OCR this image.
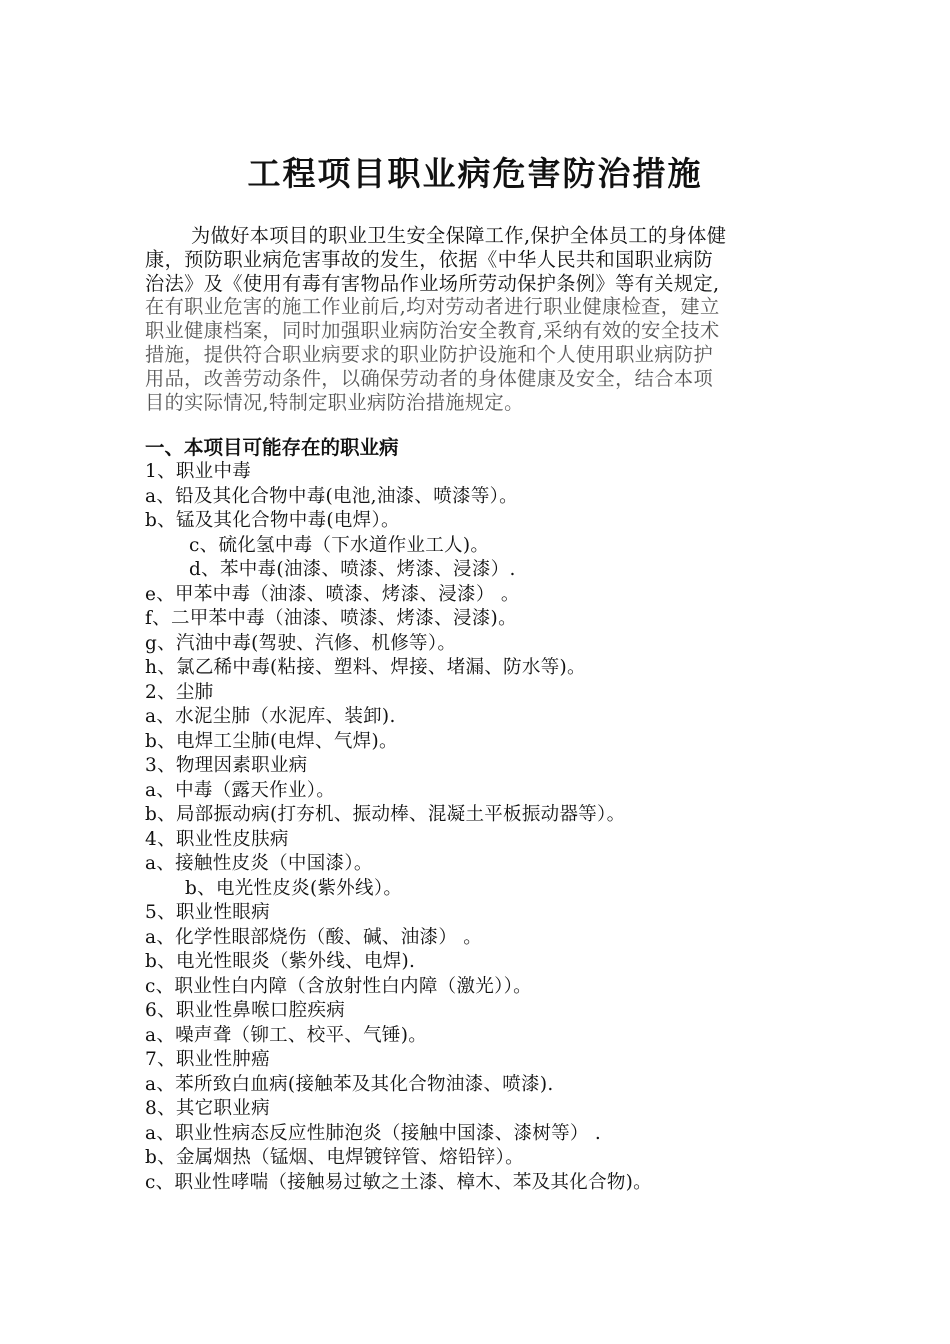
工程项目职业病危害防治措施
为做好本项目的职业卫生安全保障工作,保护全体员工的身体健
康，预防职业病危害事故的发生，依据《中华人民共和国职业病防
治法》及《使用有毒有害物品作业场所劳动保护条例》等有关规定,
在有职业危害的施工作业前后,均对劳动者进行职业健康检查，建立
职业健康档案，同时加强职业病防治安全教育,采纳有效的安全技术
措施，提供符合职业病要求的职业防护设施和个人使用职业病防护
用品，改善劳动条件，以确保劳动者的身体健康及安全，结合本项
目的实际情况,特制定职业病防治措施规定。
一、本项目可能存在的职业病
1、职业中毒
a、铅及其化合物中毒(电池,油漆、喷漆等）。
b、锰及其化合物中毒(电焊）。
c、硫化氢中毒（下水道作业工人)。
d、苯中毒(油漆、喷漆、烤漆、浸漆）.
e、甲苯中毒（油漆、喷漆、烤漆、浸漆） 。
f、二甲苯中毒（油漆、喷漆、烤漆、浸漆)。
g、汽油中毒(驾驶、汽修、机修等）。
h、氯乙稀中毒(粘接、塑料、焊接、堵漏、防水等)。
2、尘肺
a、水泥尘肺（水泥库、装卸).
b、电焊工尘肺(电焊、气焊)。
3、物理因素职业病
a、中毒（露天作业）。
b、局部振动病(打夯机、振动棒、混凝土平板振动器等）。
4、职业性皮肤病
a、接触性皮炎（中国漆）。
b、电光性皮炎(紫外线）。
5、职业性眼病
a、化学性眼部烧伤（酸、碱、油漆） 。
b、电光性眼炎（紫外线、电焊).
c、职业性白内障（含放射性白内障（激光））。
6、职业性鼻喉口腔疾病
a、噪声聋（铆工、校平、气锤)。
7、职业性肿癌
a、苯所致白血病(接触苯及其化合物油漆、喷漆).
8、其它职业病
a、职业性病态反应性肺泡炎（接触中国漆、漆树等） .
b、金属烟热（锰烟、电焊镀锌管、熔铅锌）。
c、职业性哮喘（接触易过敏之土漆、樟木、苯及其化合物)。
